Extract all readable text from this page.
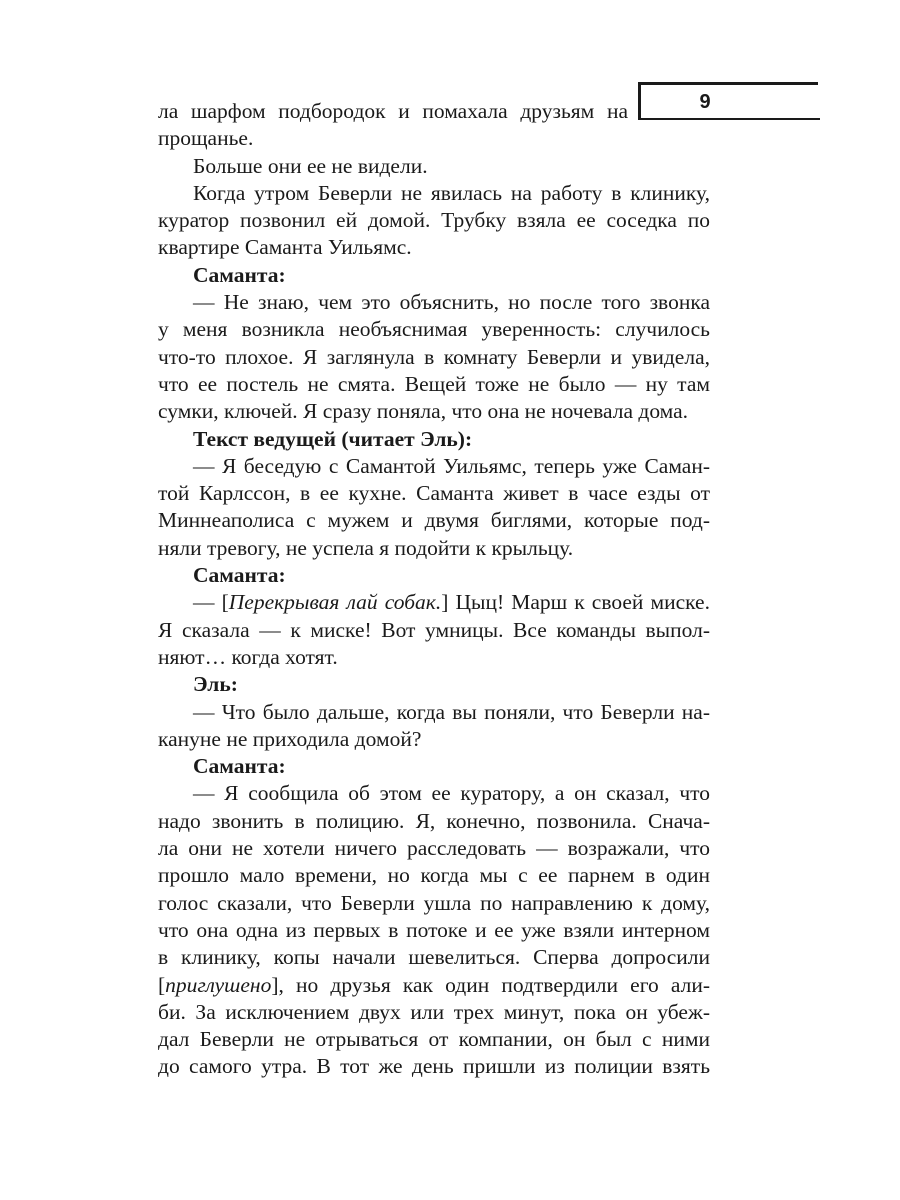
9
ла шарфом подбородок и помахала друзьям на
прощанье.
Больше они ее не видели.
Когда утром Беверли не явилась на работу в клинику,
куратор позвонил ей домой. Трубку взяла ее соседка по
квартире Саманта Уильямс.
Саманта:
— Не знаю, чем это объяснить, но после того звонка
у меня возникла необъяснимая уверенность: случилось
что-то плохое. Я заглянула в комнату Беверли и увидела,
что ее постель не смята. Вещей тоже не было — ну там
сумки, ключей. Я сразу поняла, что она не ночевала дома.
Текст ведущей (читает Эль):
— Я беседую с Самантой Уильямс, теперь уже Саман-
той Карлссон, в ее кухне. Саманта живет в часе езды от
Миннеаполиса с мужем и двумя биглями, которые под-
няли тревогу, не успела я подойти к крыльцу.
Саманта:
— [Перекрывая лай собак.] Цыц! Марш к своей миске.
Я сказала — к миске! Вот умницы. Все команды выпол-
няют… когда хотят.
Эль:
— Что было дальше, когда вы поняли, что Беверли на-
кануне не приходила домой?
Саманта:
— Я сообщила об этом ее куратору, а он сказал, что
надо звонить в полицию. Я, конечно, позвонила. Снача-
ла они не хотели ничего расследовать — возражали, что
прошло мало времени, но когда мы с ее парнем в один
голос сказали, что Беверли ушла по направлению к дому,
что она одна из первых в потоке и ее уже взяли интерном
в клинику, копы начали шевелиться. Сперва допросили
[приглушено], но друзья как один подтвердили его али-
би. За исключением двух или трех минут, пока он убеж-
дал Беверли не отрываться от компании, он был с ними
до самого утра. В тот же день пришли из полиции взять
